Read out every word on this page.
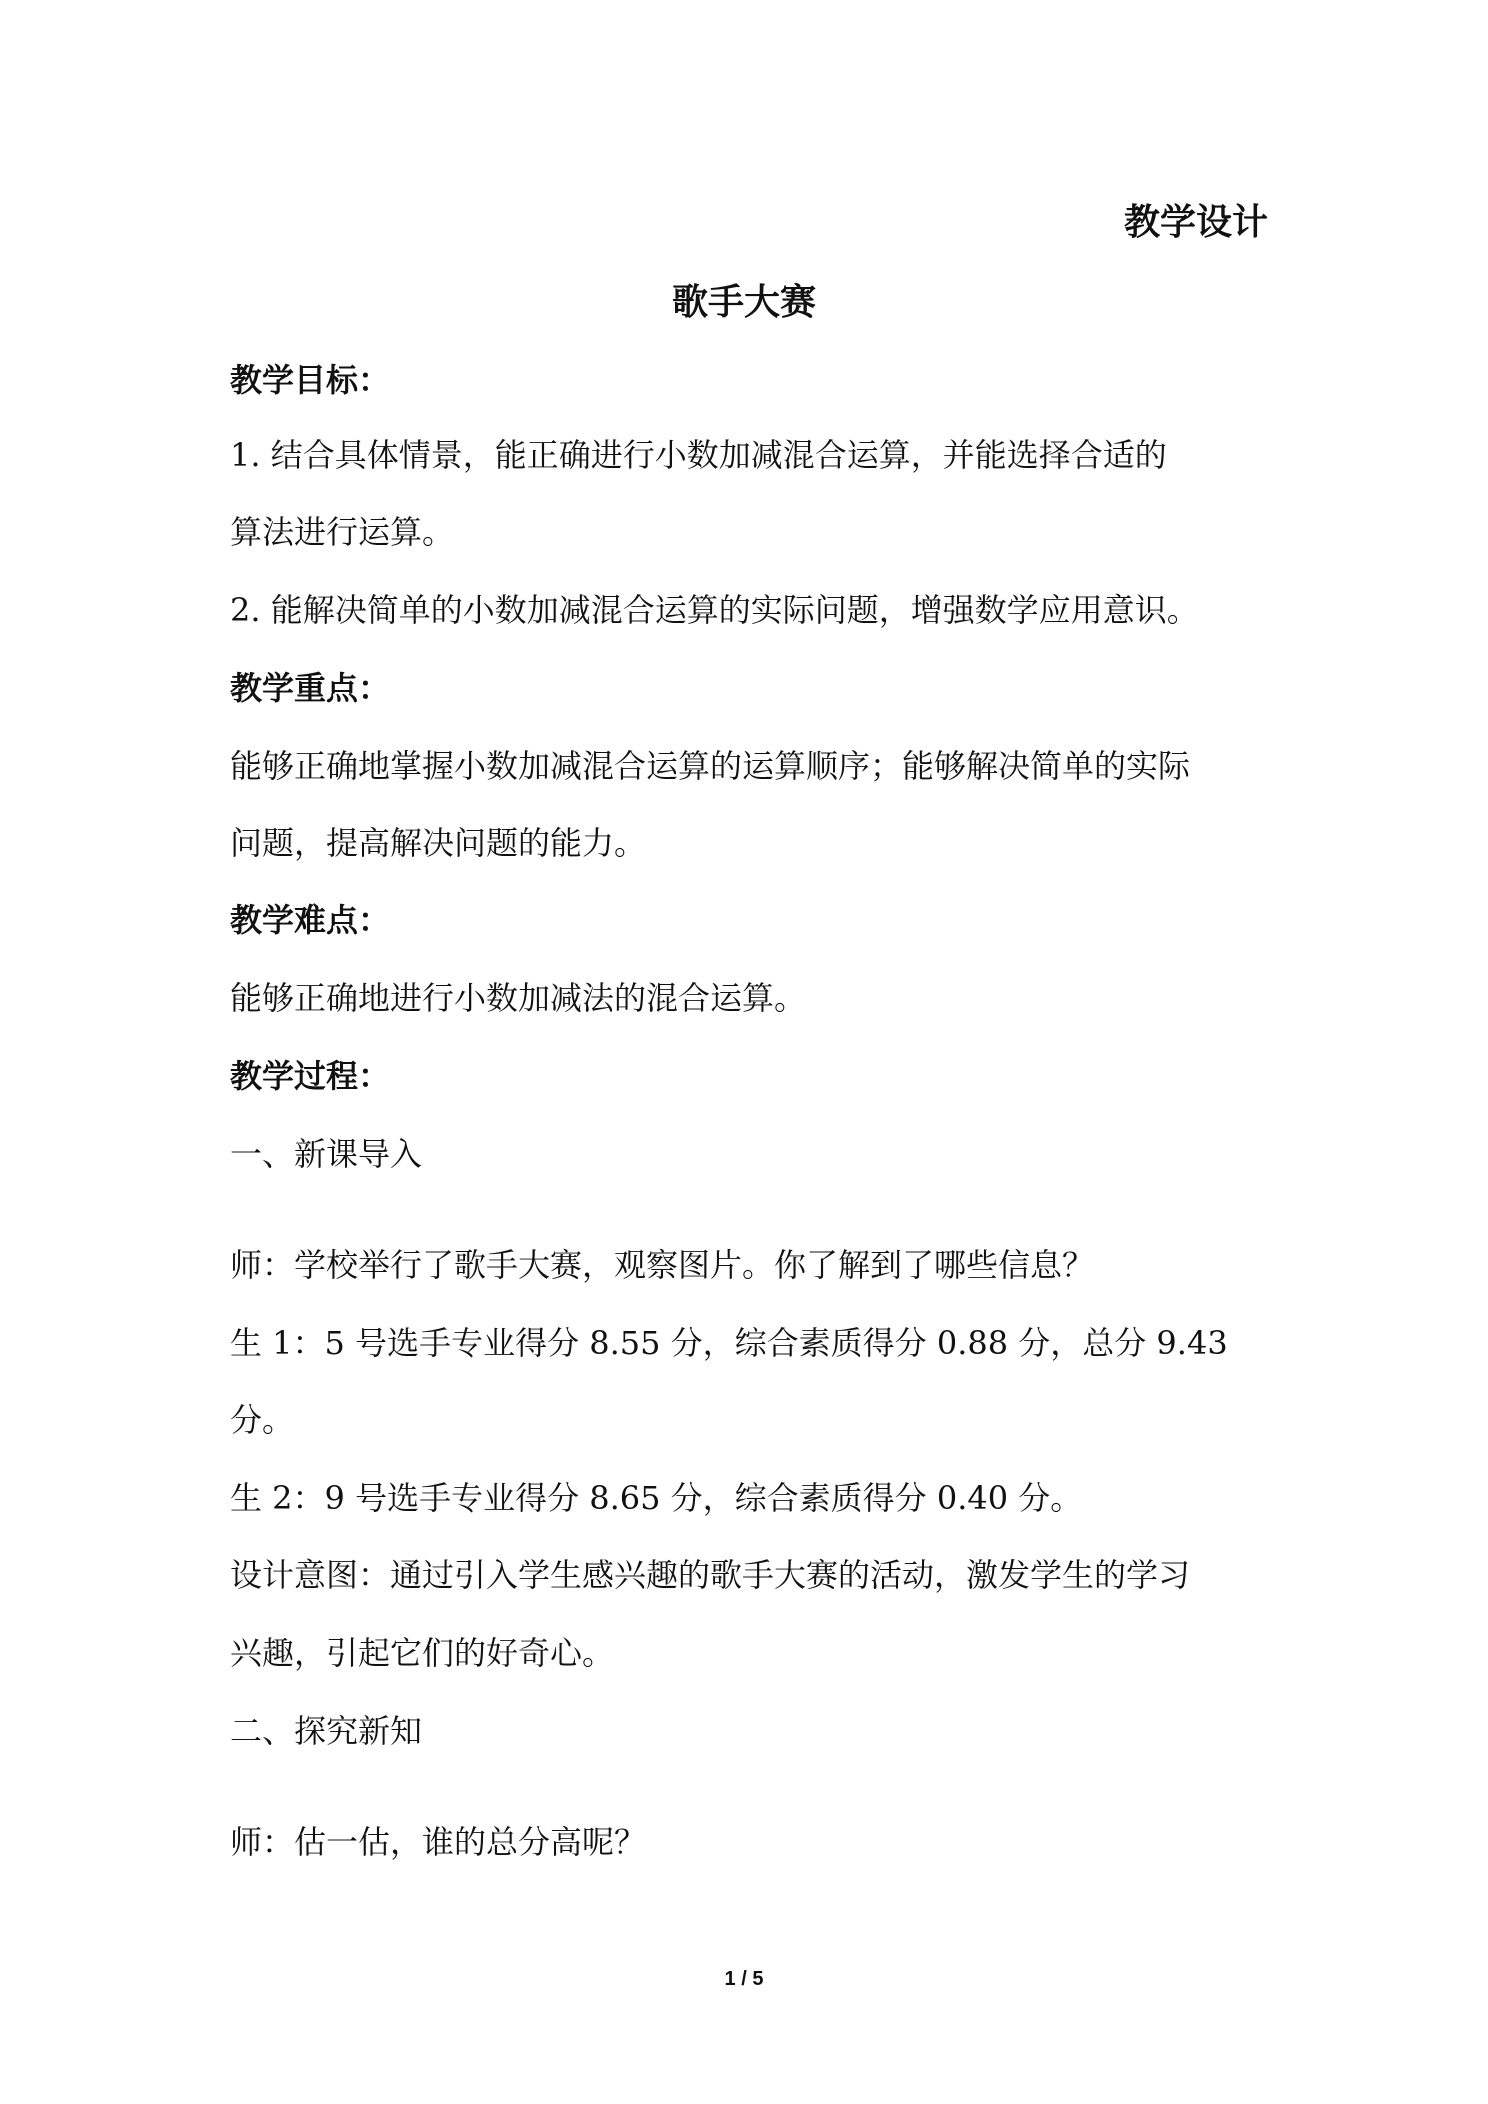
教学设计
歌手大赛
教学目标：
1. 结合具体情景，能正确进行小数加减混合运算，并能选择合适的
算法进行运算。
2. 能解决简单的小数加减混合运算的实际问题，增强数学应用意识。
教学重点：
能够正确地掌握小数加减混合运算的运算顺序；能够解决简单的实际
问题，提高解决问题的能力。
教学难点：
能够正确地进行小数加减法的混合运算。
教学过程：
一、新课导入
师：学校举行了歌手大赛，观察图片。你了解到了哪些信息？
生 1：5 号选手专业得分 8.55 分，综合素质得分 0.88 分，总分 9.43
分。
生 2：9 号选手专业得分 8.65 分，综合素质得分 0.40 分。
设计意图：通过引入学生感兴趣的歌手大赛的活动，激发学生的学习
兴趣，引起它们的好奇心。
二、探究新知
师：估一估，谁的总分高呢？
1 / 5
